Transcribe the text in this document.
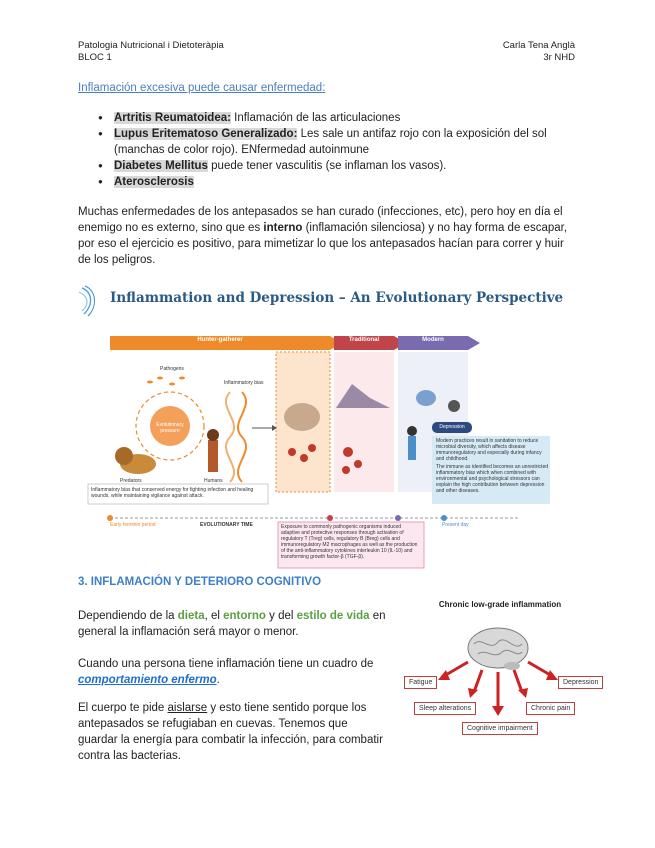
Patologia Nutricional i Dietoteràpia
BLOC 1
Carla Tena Anglà
3r NHD
Inflamación excesiva puede causar enfermedad:
● Artritis Reumatoidea: Inflamación de las articulaciones
● Lupus Eritematoso Generalizado: Les sale un antifaz rojo con la exposición del sol (manchas de color rojo). ENfermedad autoinmune
● Diabetes Mellitus puede tener vasculitis (se inflaman los vasos).
● Aterosclerosis
Muchas enfermedades de los antepasados se han curado (infecciones, etc), pero hoy en día el enemigo no es externo, sino que es interno (inflamación silenciosa) y no hay forma de escapar, por eso el ejercicio es positivo, para mimetizar lo que los antepasados hacían para correr y huir de los peligros.
Inflammation and Depression – An Evolutionary Perspective
Hunter-gatherer	Traditional	Modern
Pathogens
Inflammatory bias
Evolutionary pressure
Predators	Humans
Depression
Modern practices result in sanitation to reduce microbial diversity, which affects disease immunoregulatory and especially during infancy and childhood.
The immune as identified becomes an unrestricted inflammatory bias which when combined with environmental and psychological stressors can explain the high contribution between depression and other diseases.
Inflammatory bias that conserved energy for fighting infection and healing wounds, while maintaining vigilance against attack.
Early hominin period	EVOLUTIONARY TIME	Present day
Exposure to commonly pathogenic organisms induced adaptive and protective responses through activation of regulatory T (Treg) cells, regulatory B (Breg) cells and immunoregulatory M2 macrophages as well as the production of the anti-inflammatory cytokines interleukin 10 (IL-10) and transforming growth factor-β (TGF-β).
3. INFLAMACIÓN Y DETERIORO COGNITIVO
Dependiendo de la dieta, el entorno y del estilo de vida en general la inflamación será mayor o menor.
Cuando una persona tiene inflamación tiene un cuadro de comportamiento enfermo.
El cuerpo te pide aislarse y esto tiene sentido porque los antepasados se refugiaban en cuevas. Tenemos que guardar la energía para combatir la infección, para combatir contra las bacterias.
Chronic low-grade inflammation
Fatigue	Depression
Sleep alterations	Chronic pain
Cognitive impairment
